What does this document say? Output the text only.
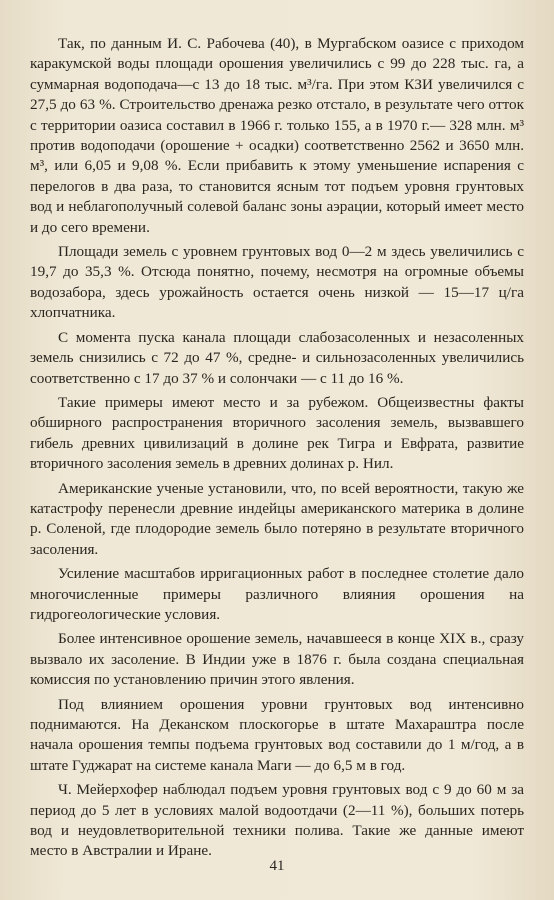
Так, по данным И. С. Рабочева (40), в Мургабском оазисе с приходом каракумской воды площади орошения увеличились с 99 до 228 тыс. га, а суммарная водоподача—с 13 до 18 тыс. м³/га. При этом КЗИ увеличился с 27,5 до 63 %. Строительство дренажа резко отстало, в результате чего отток с территории оазиса составил в 1966 г. только 155, а в 1970 г.— 328 млн. м³ против водоподачи (орошение + осадки) соответственно 2562 и 3650 млн. м³, или 6,05 и 9,08 %. Если прибавить к этому уменьшение испарения с перелогов в два раза, то становится ясным тот подъем уровня грунтовых вод и неблагополучный солевой баланс зоны аэрации, который имеет место и до сего времени.

Площади земель с уровнем грунтовых вод 0—2 м здесь увеличились с 19,7 до 35,3 %. Отсюда понятно, почему, несмотря на огромные объемы водозабора, здесь урожайность остается очень низкой — 15—17 ц/га хлопчатника.

С момента пуска канала площади слабозасоленных и незасоленных земель снизились с 72 до 47 %, средне- и сильнозасоленных увеличились соответственно с 17 до 37 % и солончаки — с 11 до 16 %.

Такие примеры имеют место и за рубежом. Общеизвестны факты обширного распространения вторичного засоления земель, вызвавшего гибель древних цивилизаций в долине рек Тигра и Евфрата, развитие вторичного засоления земель в древних долинах р. Нил.

Американские ученые установили, что, по всей вероятности, такую же катастрофу перенесли древние индейцы американского материка в долине р. Соленой, где плодородие земель было потеряно в результате вторичного засоления.

Усиление масштабов ирригационных работ в последнее столетие дало многочисленные примеры различного влияния орошения на гидрогеологические условия.

Более интенсивное орошение земель, начавшееся в конце XIX в., сразу вызвало их засоление. В Индии уже в 1876 г. была создана специальная комиссия по установлению причин этого явления.

Под влиянием орошения уровни грунтовых вод интенсивно поднимаются. На Деканском плоскогорье в штате Махараштра после начала орошения темпы подъема грунтовых вод составили до 1 м/год, а в штате Гуджарат на системе канала Маги — до 6,5 м в год.

Ч. Мейерхофер наблюдал подъем уровня грунтовых вод с 9 до 60 м за период до 5 лет в условиях малой водоотдачи (2—11 %), больших потерь вод и неудовлетворительной техники полива. Такие же данные имеют место в Австралии и Иране.

41
